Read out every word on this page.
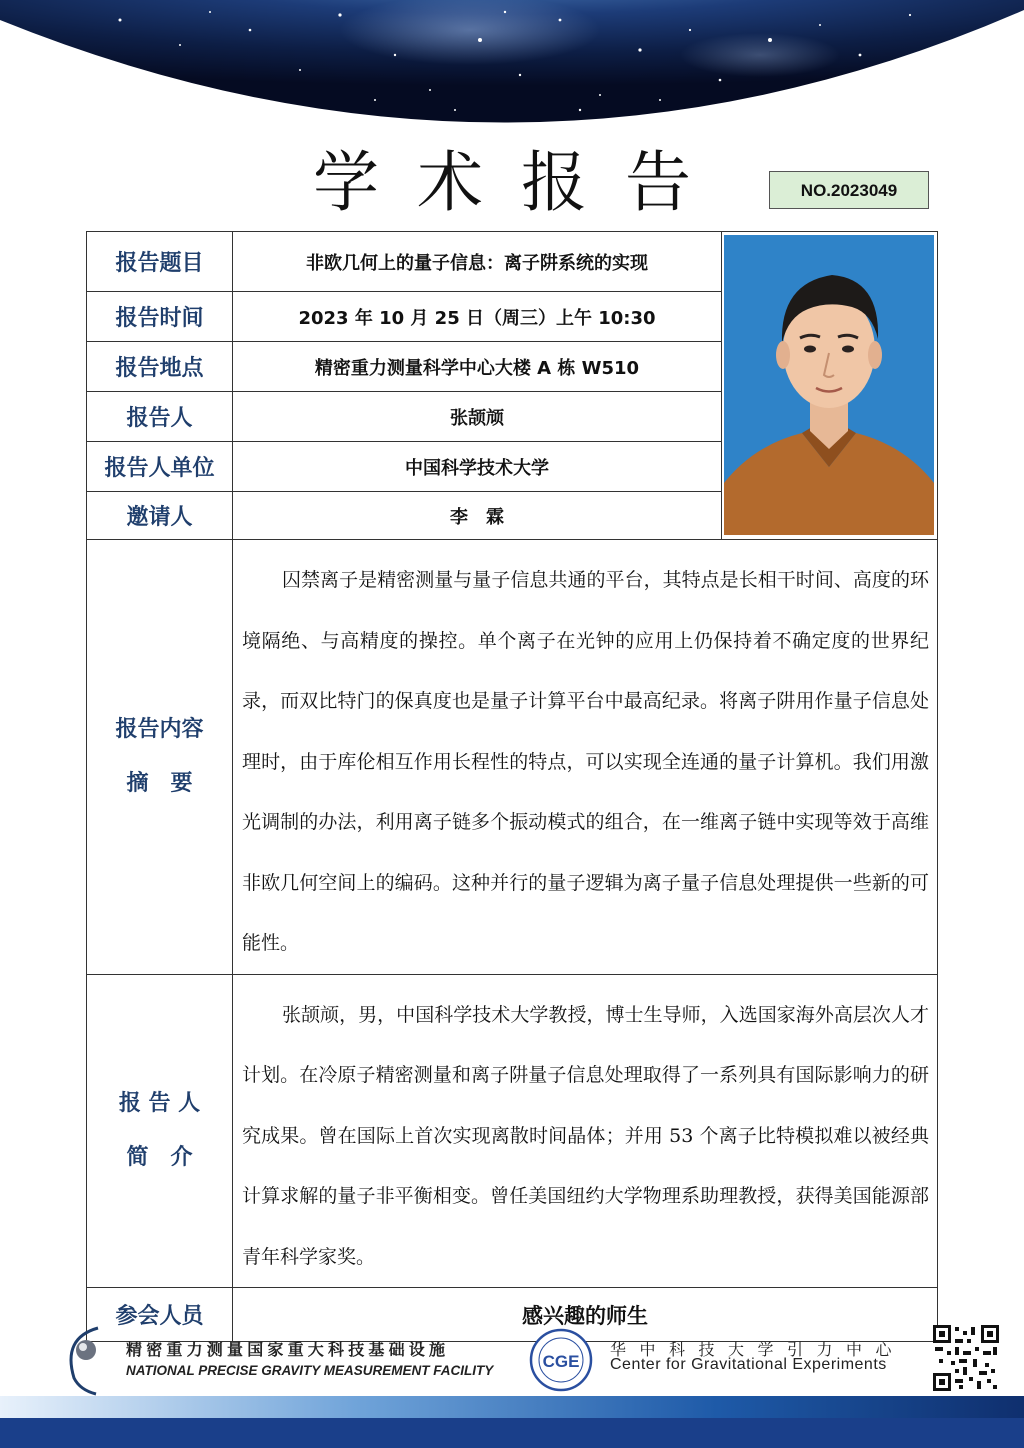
学术报告	NO.2023049
报告题目	非欧几何上的量子信息：离子阱系统的实现	

报告时间	2023 年 10 月 25 日（周三）上午 10:30	
报告地点	精密重力测量科学中心大楼 A 栋 W510	
报告人	张颉颃	
报告人单位	中国科学技术大学	
邀请人	李　霖	

报告内容
摘　要	囚禁离子是精密测量与量子信息共通的平台，其特点是长相干时间、高度的环境隔绝、与高精度的操控。单个离子在光钟的应用上仍保持着不确定度的世界纪录，而双比特门的保真度也是量子计算平台中最高纪录。将离子阱用作量子信息处理时，由于库伦相互作用长程性的特点，可以实现全连通的量子计算机。我们用激光调制的办法，利用离子链多个振动模式的组合，在一维离子链中实现等效于高维非欧几何空间上的编码。这种并行的量子逻辑为离子量子信息处理提供一些新的可能性。	

报 告 人
简　介	张颉颃，男，中国科学技术大学教授，博士生导师，入选国家海外高层次人才计划。在冷原子精密测量和离子阱量子信息处理取得了一系列具有国际影响力的研究成果。曾在国际上首次实现离散时间晶体；并用 53 个离子比特模拟难以被经典计算求解的量子非平衡相变。曾任美国纽约大学物理系助理教授，获得美国能源部青年科学家奖。	

参会人员	感兴趣的师生	
精密重力测量国家重大科技基础设施
NATIONAL PRECISE GRAVITY MEASUREMENT FACILITY	CGE
华中科技大学引力中心
Center for Gravitational Experiments
